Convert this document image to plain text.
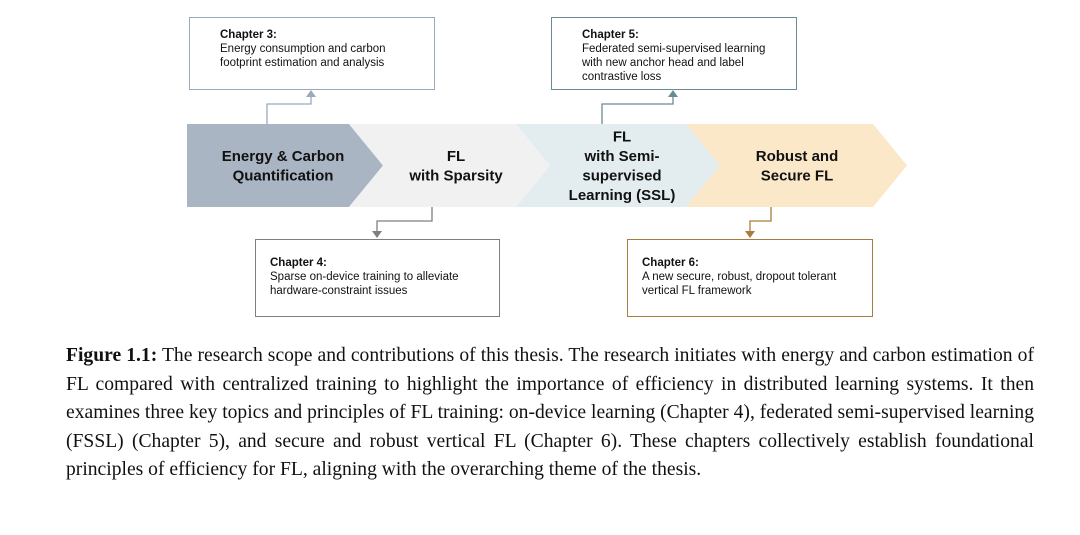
Energy & Carbon Quantification
FL with Sparsity
FL with Semi-supervised Learning (SSL)
Robust and Secure FL
Chapter 3:
Energy consumption and carbon footprint estimation and analysis
Chapter 5:
Federated semi-supervised learning with new anchor head and label contrastive loss
Chapter 4:
Sparse on-device training to alleviate hardware-constraint issues
Chapter 6:
A new secure, robust, dropout tolerant vertical FL framework
Figure 1.1: The research scope and contributions of this thesis. The research initiates with energy and carbon estimation of FL compared with centralized training to highlight the importance of efficiency in distributed learning systems. It then examines three key topics and principles of FL training: on-device learning (Chapter 4), federated semi-supervised learning (FSSL) (Chapter 5), and secure and robust vertical FL (Chapter 6). These chapters collectively establish foundational principles of efficiency for FL, aligning with the overarching theme of the thesis.
